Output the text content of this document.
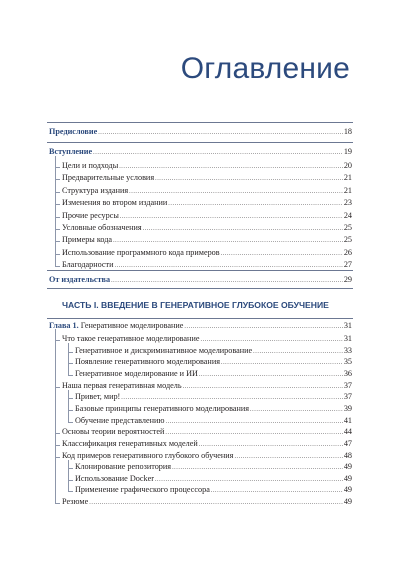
Оглавление
Предисловие .....	18
Вступление .....	19
Цели и подходы .....	20
Предварительные условия .....	21
Структура издания .....	21
Изменения во втором издании .....	23
Прочие ресурсы .....	24
Условные обозначения .....	25
Примеры кода .....	25
Использование программного кода примеров .....	26
Благодарности .....	27
От издательства .....	29
ЧАСТЬ I. ВВЕДЕНИЕ В ГЕНЕРАТИВНОЕ ГЛУБОКОЕ ОБУЧЕНИЕ
Глава 1. Генеративное моделирование .....	31
Что такое генеративное моделирование .....	31
Генеративное и дискриминативное моделирование .....	33
Появление генеративного моделирования .....	35
Генеративное моделирование и ИИ .....	36
Наша первая генеративная модель .....	37
Привет, мир! .....	37
Базовые принципы генеративного моделирования .....	39
Обучение представлению .....	41
Основы теории вероятностей .....	44
Классификация генеративных моделей .....	47
Код примеров генеративного глубокого обучения .....	48
Клонирование репозитория .....	49
Использование Docker .....	49
Применение графического процессора .....	49
Резюме .....	49
